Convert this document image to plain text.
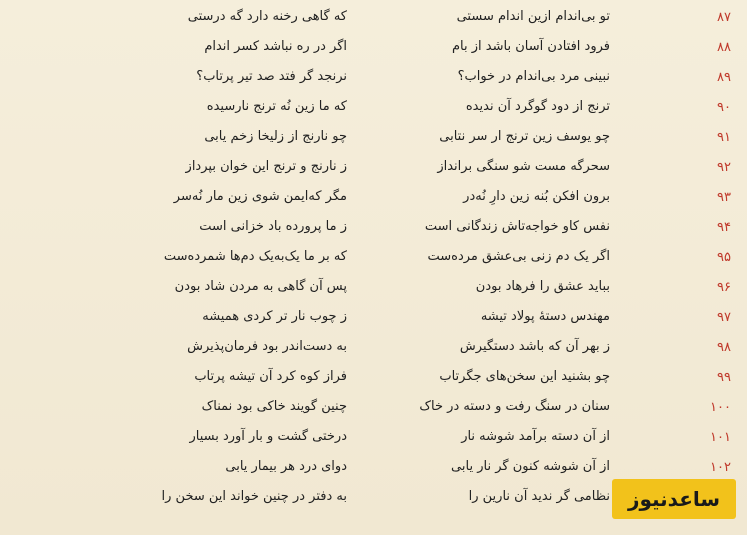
۸۷
تو بی‌اندام ازین اندام سستی
که گاهی رخنه دارد گه درستی
۸۸
فرود افتادن آسان باشد از بام
اگر در ره نباشد کسر اندام
۸۹
نبینی مرد بی‌اندام در خواب؟
نرنجد گر فتد صد تیر پرتاب؟
۹۰
ترنج از دود گوگرد آن ندیده
که ما زین نُه ترنج نارسیده
۹۱
چو یوسف زین ترنج ار سر نتابی
چو نارنج از زلیخا زخم یابی
۹۲
سحرگه مست شو سنگی برانداز
ز نارنج و ترنج این خوان بپرداز
۹۳
برون افکن بُنه زین دارِ نُه‌در
مگر که‌ایمن شوی زین مار نُه‌سر
۹۴
نفس کاو خواجه‌تاش زندگانی است
ز ما پرورده باد خزانی است
۹۵
اگر یک دم زنی بی‌عشق مرده‌ست
که بر ما یک‌به‌یک دم‌ها شمرده‌ست
۹۶
بباید عشق را فرهاد بودن
پس آن گاهی به مردن شاد بودن
۹۷
مهندس دستهٔ پولاد تیشه
ز چوب نار تر کردی همیشه
۹۸
ز بهر آن که باشد دستگیرش
به دست‌اندر بود فرمان‌پذیرش
۹۹
چو بشنید این سخن‌های جگرتاب
فراز کوه کرد آن تیشه پرتاب
۱۰۰
سنان در سنگ رفت و دسته در خاک
چنین گویند خاکی بود نمناک
۱۰۱
از آن دسته برآمد شوشه نار
درختی گشت و بار آورد بسیار
۱۰۲
از آن شوشه کنون گر نار یابی
دوای درد هر بیمار یابی
نظامی گر ندید آن نارین را
به دفتر در چنین خواند این سخن را	ساعدنیوز
